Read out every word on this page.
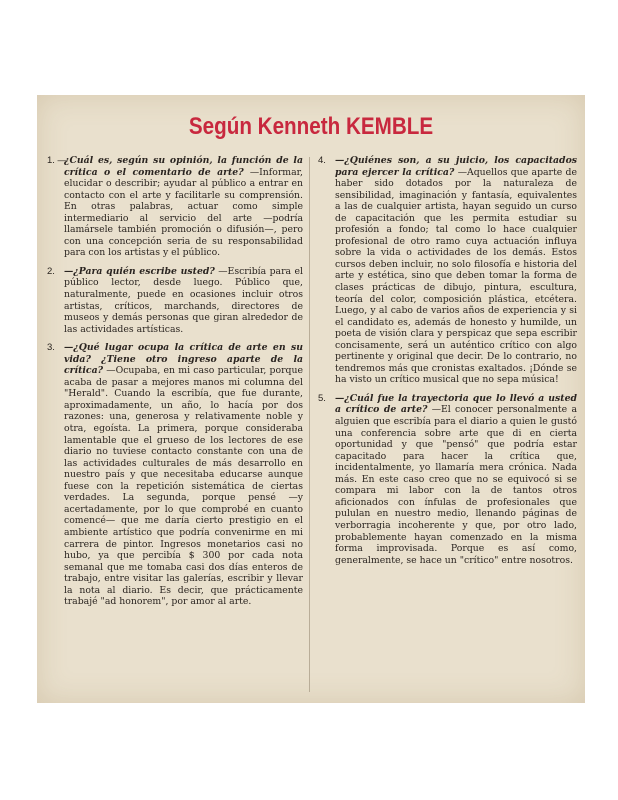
Según Kenneth KEMBLE
1. —
¿Cuál es, según su opinión, la función de la crítica o el comentario de arte? —Informar, elucidar o describir; ayudar al público a entrar en contacto con el arte y facilitarle su comprensión. En otras palabras, actuar como simple intermediario al servicio del arte —podría llamársele también promoción o difusión—, pero con una concepción seria de su responsabilidad para con los artistas y el público.
2. —¿Para quién escribe usted? —Escribía para el público lector, desde luego. Público que, naturalmente, puede en ocasiones incluir otros artistas, críticos, marchands, directores de museos y demás personas que giran alrededor de las actividades artísticas.
3. —¿Qué lugar ocupa la crítica de arte en su vida? ¿Tiene otro ingreso aparte de la crítica? —Ocupaba, en mi caso particular, porque acaba de pasar a mejores manos mi columna del "Herald". Cuando la escribía, que fue durante, aproximadamente, un año, lo hacía por dos razones: una, generosa y relativamente noble y otra, egoísta. La primera, porque consideraba lamentable que el grueso de los lectores de ese diario no tuviese contacto constante con una de las actividades culturales de más desarrollo en nuestro país y que necesitaba educarse aunque fuese con la repetición sistemática de ciertas verdades. La segunda, porque pensé —y acertadamente, por lo que comprobé en cuanto comencé— que me daría cierto prestigio en el ambiente artístico que podría convenirme en mi carrera de pintor. Ingresos monetarios casi no hubo, ya que percibía $ 300 por cada nota semanal que me tomaba casi dos días enteros de trabajo, entre visitar las galerías, escribir y llevar la nota al diario. Es decir, que prácticamente trabajé "ad honorem", por amor al arte.
4. —¿Quiénes son, a su juicio, los capacitados para ejercer la crítica? —Aquellos que aparte de haber sido dotados por la naturaleza de sensibilidad, imaginación y fantasía, equivalentes a las de cualquier artista, hayan seguido un curso de capacitación que les permita estudiar su profesión a fondo; tal como lo hace cualquier profesional de otro ramo cuya actuación influya sobre la vida o actividades de los demás. Estos cursos deben incluir, no solo filosofía e historia del arte y estética, sino que deben tomar la forma de clases prácticas de dibujo, pintura, escultura, teoría del color, composición plástica, etcétera. Luego, y al cabo de varios años de experiencia y si el candidato es, además de honesto y humilde, un poeta de visión clara y perspicaz que sepa escribir concisamente, será un auténtico crítico con algo pertinente y original que decir. De lo contrario, no tendremos más que cronistas exaltados. ¡Dónde se ha visto un crítico musical que no sepa música!
5. —¿Cuál fue la trayectoria que lo llevó a usted a crítico de arte? —El conocer personalmente a alguien que escribía para el diario a quien le gustó una conferencia sobre arte que di en cierta oportunidad y que "pensó" que podría estar capacitado para hacer la crítica que, incidentalmente, yo llamaría mera crónica. Nada más. En este caso creo que no se equivocó si se compara mi labor con la de tantos otros aficionados con ínfulas de profesionales que pululan en nuestro medio, llenando páginas de verborragia incoherente y que, por otro lado, probablemente hayan comenzado en la misma forma improvisada. Porque es así como, generalmente, se hace un "crítico" entre nosotros.
